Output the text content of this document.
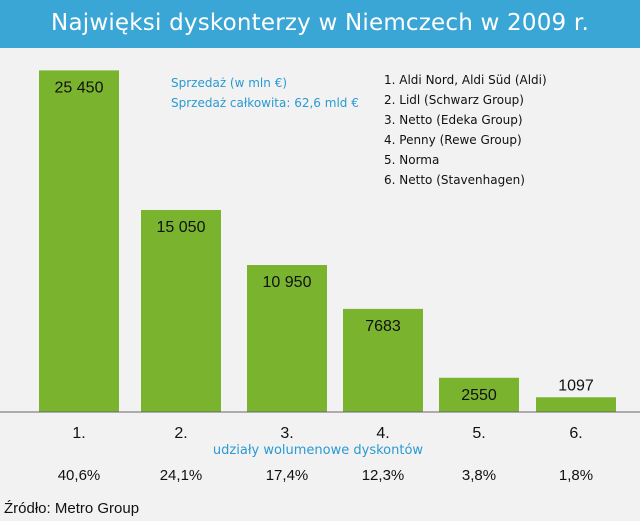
Najwięksi dyskonterzy w Niemczech w 2009 r.
25 450
1.
40,6%
15 050
2.
24,1%
10 950
3.
17,4%
7683
4.
12,3%
2550
5.
3,8%
1097
6.
1,8%
Sprzedaż (w mln €)
Sprzedaż całkowita: 62,6 mld €
1. Aldi Nord, Aldi Süd (Aldi)
2. Lidl (Schwarz Group)
3. Netto (Edeka Group)
4. Penny (Rewe Group)
5. Norma
6. Netto (Stavenhagen)
udziały wolumenowe dyskontów
Źródło: Metro Group
